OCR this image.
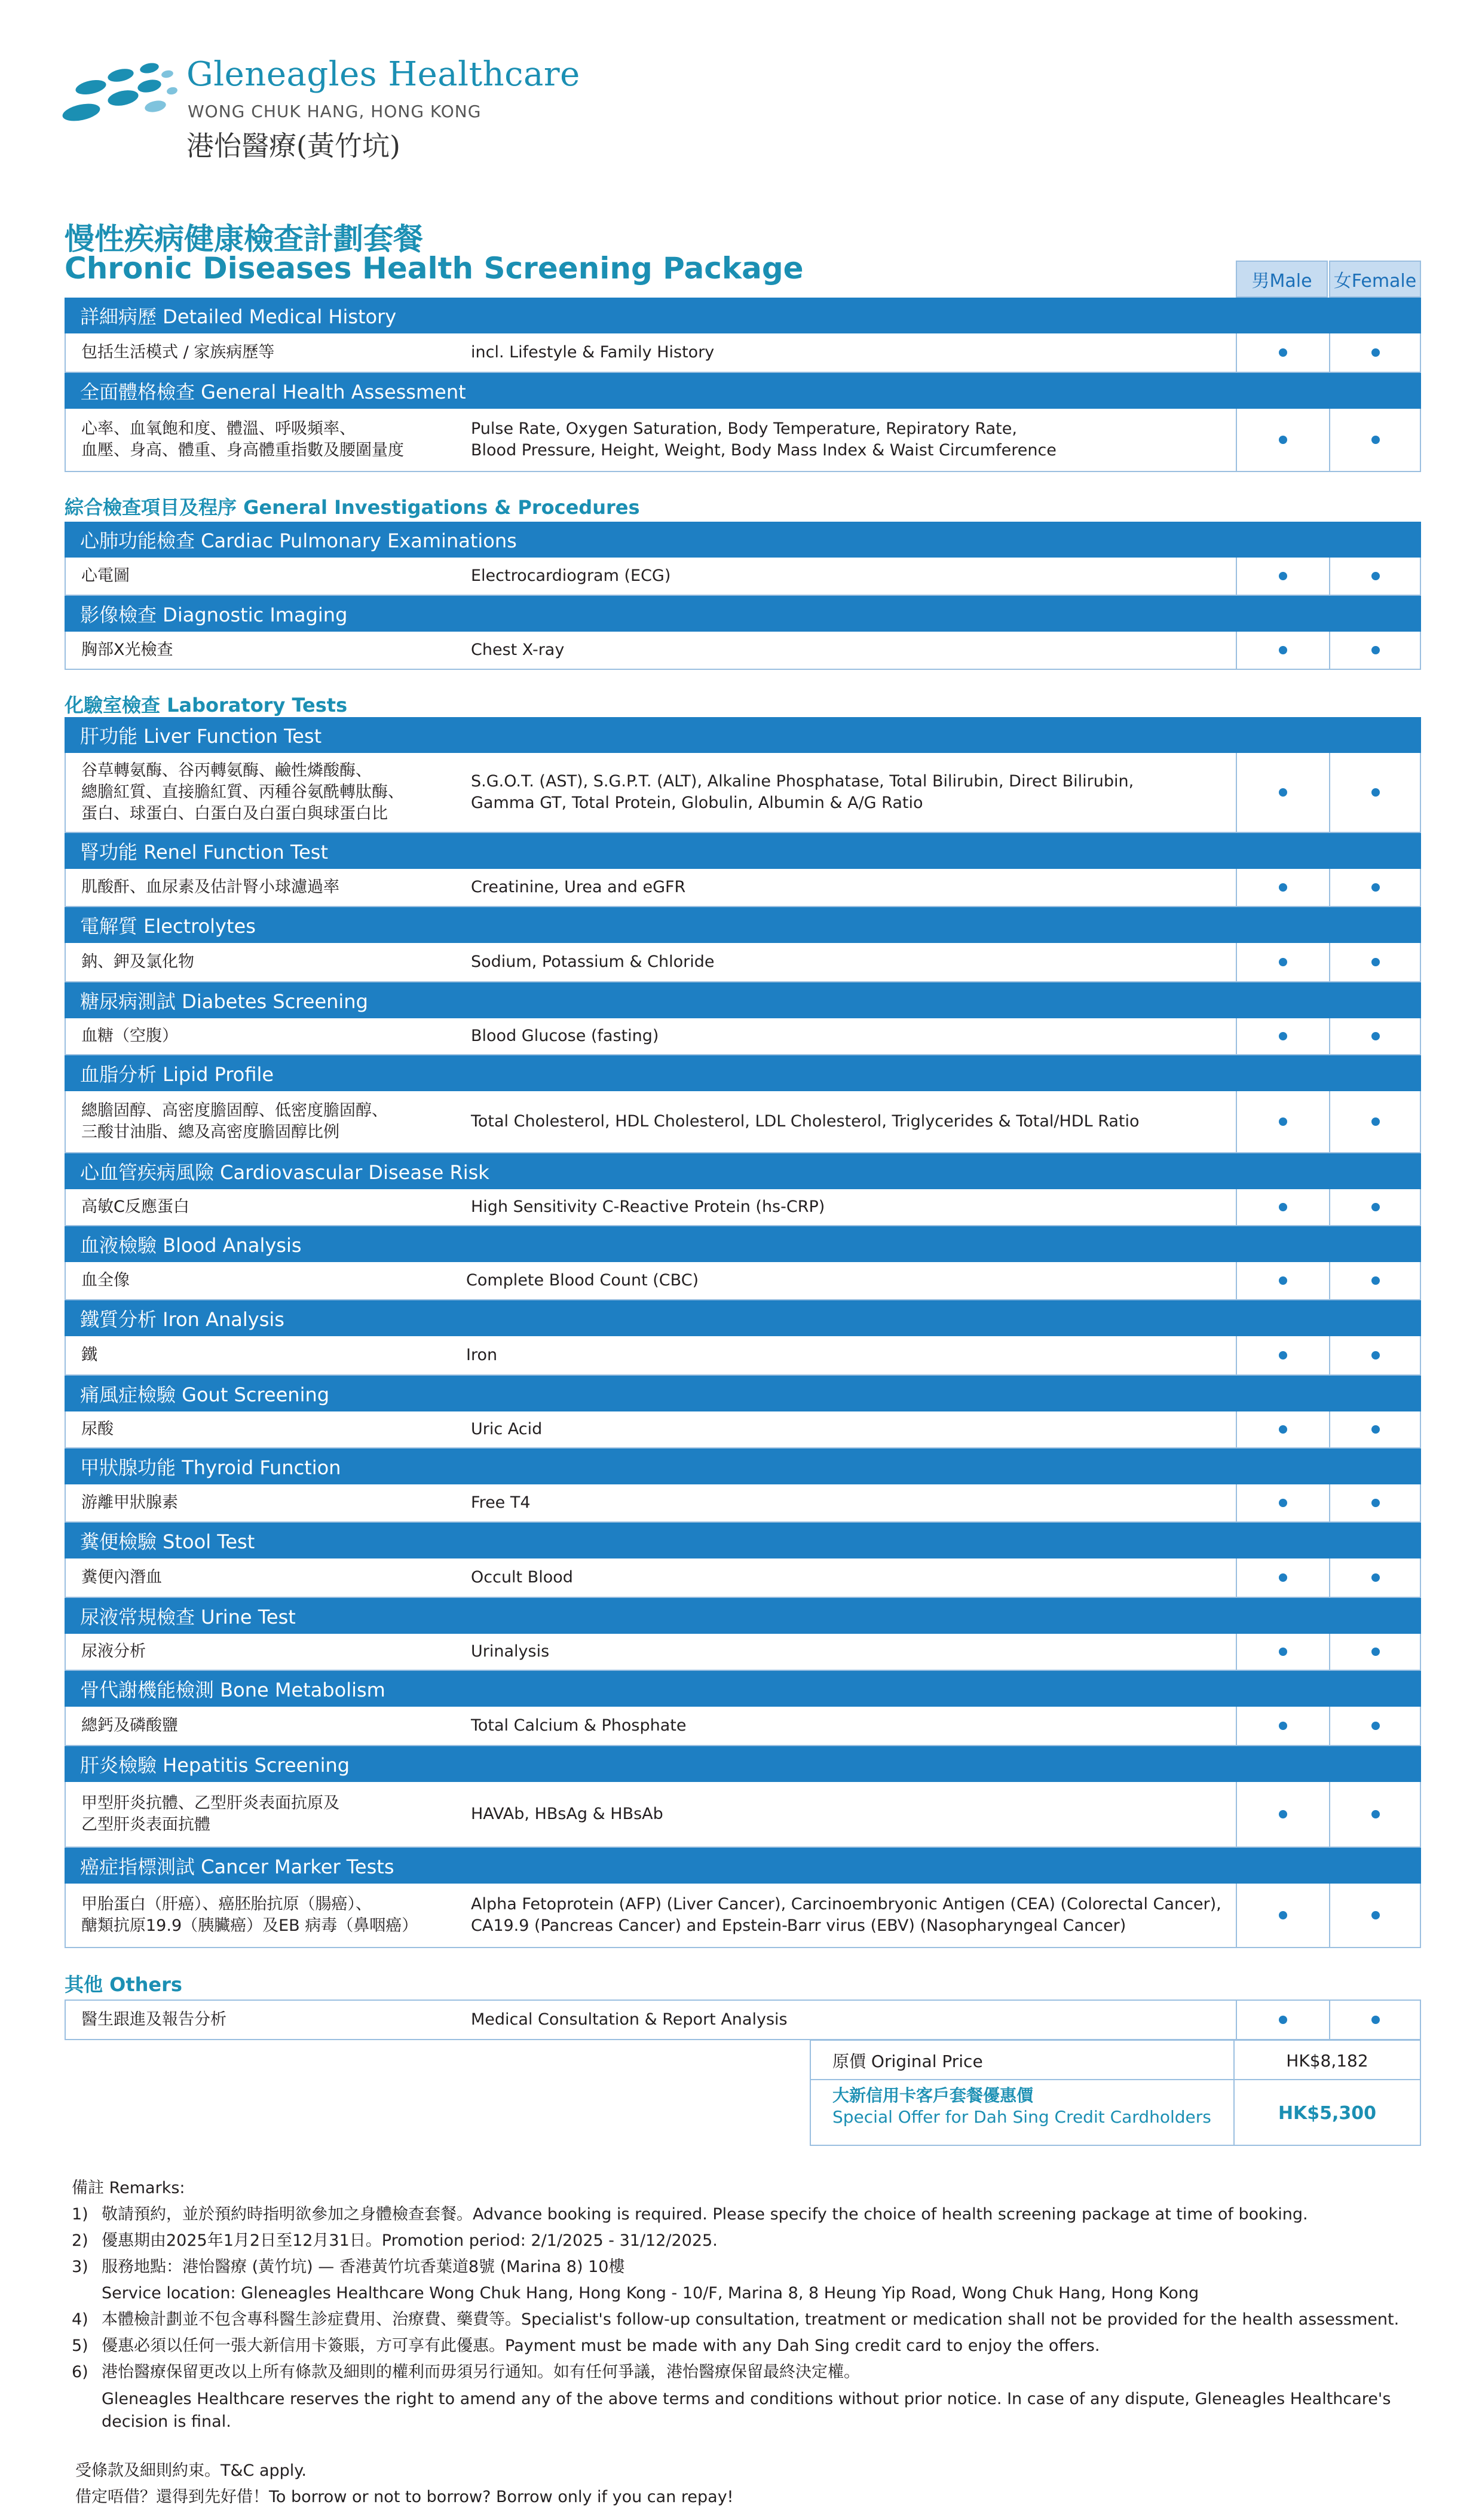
Gleneagles Healthcare
WONG CHUK HANG, HONG KONG
港怡醫療(黃竹坑)
慢性疾病健康檢查計劃套餐
Chronic Diseases Health Screening Package	男Male	女Female
詳細病歷 Detailed Medical History
包括生活模式 / 家族病歷等	incl. Lifestyle & Family History
全面體格檢查 General Health Assessment

心率、血氧飽和度、體溫、呼吸頻率、
血壓、身高、體重、身高體重指數及腰圍量度

Pulse Rate, Oxygen Saturation, Body Temperature, Repiratory Rate,
Blood Pressure, Height, Weight, Body Mass Index & Waist Circumference

綜合檢查項目及程序 General Investigations & Procedures
心肺功能檢查 Cardiac Pulmonary Examinations
心電圖	Electrocardiogram (ECG)
影像檢查 Diagnostic Imaging
胸部X光檢查	Chest X-ray
化驗室檢查 Laboratory Tests
肝功能 Liver Function Test

谷草轉氨酶、谷丙轉氨酶、鹼性燐酸酶、
總膽紅質、直接膽紅質、丙種谷氨酰轉肽酶、
蛋白、球蛋白、白蛋白及白蛋白與球蛋白比

S.G.O.T. (AST), S.G.P.T. (ALT), Alkaline Phosphatase, Total Bilirubin, Direct Bilirubin,
Gamma GT, Total Protein, Globulin, Albumin & A/G Ratio

腎功能 Renel Function Test
肌酸酐、血尿素及估計腎小球濾過率	Creatinine, Urea and eGFR
電解質 Electrolytes
鈉、鉀及氯化物	Sodium, Potassium & Chloride
糖尿病測試 Diabetes Screening
血糖（空腹）	Blood Glucose (fasting)
血脂分析 Lipid Profile

總膽固醇、高密度膽固醇、低密度膽固醇、
三酸甘油脂、總及高密度膽固醇比例

Total Cholesterol, HDL Cholesterol, LDL Cholesterol, Triglycerides & Total/HDL Ratio

心血管疾病風險 Cardiovascular Disease Risk
高敏C反應蛋白	High Sensitivity C-Reactive Protein (hs-CRP)
血液檢驗 Blood Analysis
血全像	Complete Blood Count (CBC)
鐵質分析 Iron Analysis
鐵	Iron
痛風症檢驗 Gout Screening
尿酸	Uric Acid
甲狀腺功能 Thyroid Function
游離甲狀腺素	Free T4
糞便檢驗 Stool Test
糞便內潛血	Occult Blood
尿液常規檢查 Urine Test
尿液分析	Urinalysis
骨代謝機能檢測 Bone Metabolism
總鈣及磷酸鹽	Total Calcium & Phosphate
肝炎檢驗 Hepatitis Screening

甲型肝炎抗體、乙型肝炎表面抗原及
乙型肝炎表面抗體

HAVAb, HBsAg & HBsAb

癌症指標測試 Cancer Marker Tests

甲胎蛋白（肝癌）、癌胚胎抗原（腸癌）、
醣類抗原19.9（胰臟癌）及EB 病毒（鼻咽癌）

Alpha Fetoprotein (AFP) (Liver Cancer), Carcinoembryonic Antigen (CEA) (Colorectal Cancer),
CA19.9 (Pancreas Cancer) and Epstein-Barr virus (EBV) (Nasopharyngeal Cancer)

其他 Others
醫生跟進及報告分析	Medical Consultation & Report Analysis
原價 Original Price	HK$8,182
大新信用卡客戶套餐優惠價
Special Offer for Dah Sing Credit Cardholders	HK$5,300
備註 Remarks:
1) 敬請預約，並於預約時指明欲參加之身體檢查套餐。Advance booking is required. Please specify the choice of health screening package at time of booking.
2) 優惠期由2025年1月2日至12月31日。Promotion period: 2/1/2025 - 31/12/2025.
3) 服務地點：港怡醫療 (黃竹坑) — 香港黃竹坑香葉道8號 (Marina 8) 10樓
Service location: Gleneagles Healthcare Wong Chuk Hang, Hong Kong - 10/F, Marina 8, 8 Heung Yip Road, Wong Chuk Hang, Hong Kong
4) 本體檢計劃並不包含專科醫生診症費用、治療費、藥費等。Specialist's follow-up consultation, treatment or medication shall not be provided for the health assessment.
5) 優惠必須以任何一張大新信用卡簽賬，方可享有此優惠。Payment must be made with any Dah Sing credit card to enjoy the offers.
6) 港怡醫療保留更改以上所有條款及細則的權利而毋須另行通知。如有任何爭議，港怡醫療保留最終決定權。
Gleneagles Healthcare reserves the right to amend any of the above terms and conditions without prior notice. In case of any dispute, Gleneagles Healthcare's decision is final.
受條款及細則約束。T&C apply.
借定唔借？還得到先好借！To borrow or not to borrow? Borrow only if you can repay!
